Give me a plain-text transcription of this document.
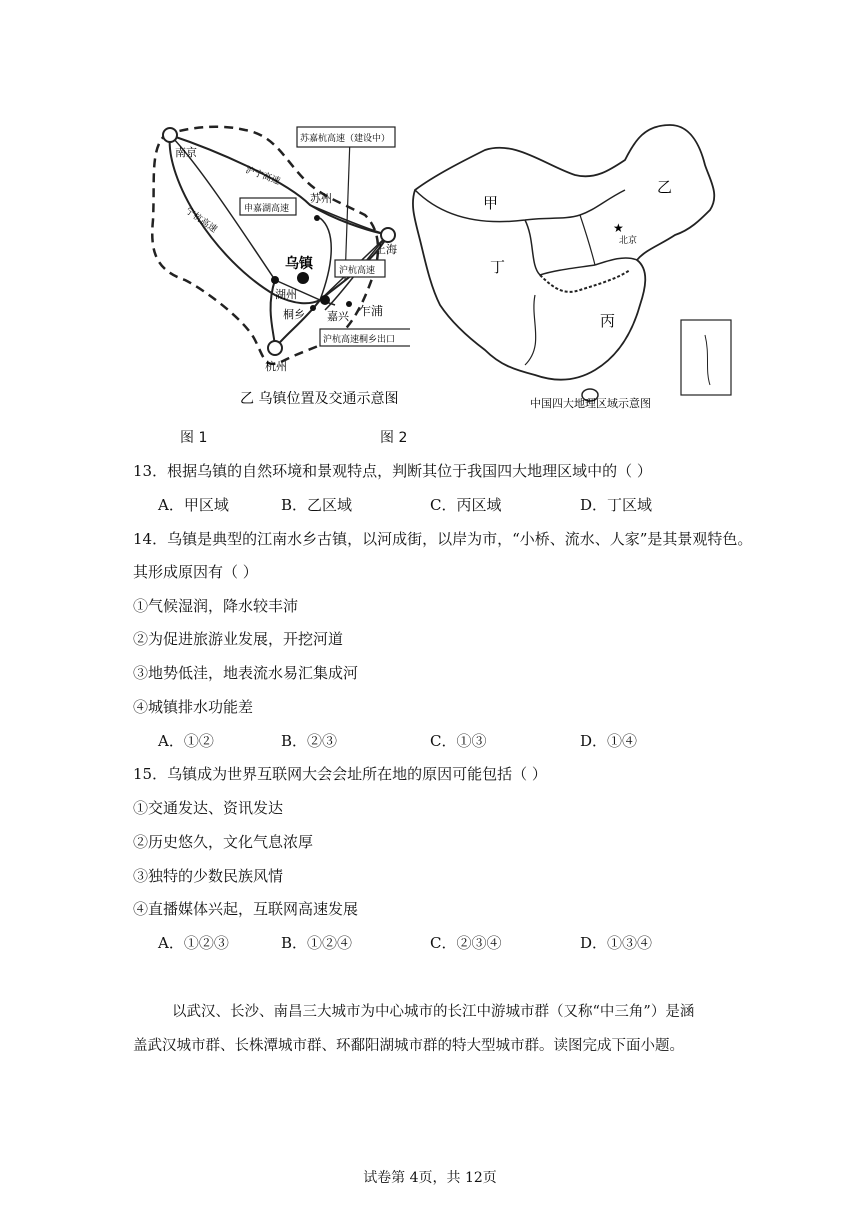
南京
苏州
上海
乌镇
湖州
桐乡 嘉兴 乍浦
杭州
沪宁高速
宁杭高速	申嘉湖高速
苏嘉杭高速（建设中）
沪杭高速
沪杭高速桐乡出口
乙 乌镇位置及交通示意图
★
北京
甲
乙
丙
丁
中国四大地理区域示意图
图 1	图 2
13．根据乌镇的自然环境和景观特点，判断其位于我国四大地理区域中的（ ）
A．甲区域	B．乙区域	C．丙区域	D．丁区域
14．乌镇是典型的江南水乡古镇，以河成街，以岸为市，“小桥、流水、人家”是其景观特色。
其形成原因有（ ）
①气候湿润，降水较丰沛
②为促进旅游业发展，开挖河道
③地势低洼，地表流水易汇集成河
④城镇排水功能差
A．①②	B．②③	C．①③	D．①④
15．乌镇成为世界互联网大会会址所在地的原因可能包括（ ）
①交通发达、资讯发达
②历史悠久，文化气息浓厚
③独特的少数民族风情
④直播媒体兴起，互联网高速发展
A．①②③	B．①②④	C．②③④	D．①③④
以武汉、长沙、南昌三大城市为中心城市的长江中游城市群（又称“中三角”）是涵
盖武汉城市群、长株潭城市群、环鄱阳湖城市群的特大型城市群。读图完成下面小题。
试卷第 4页，共 12页
